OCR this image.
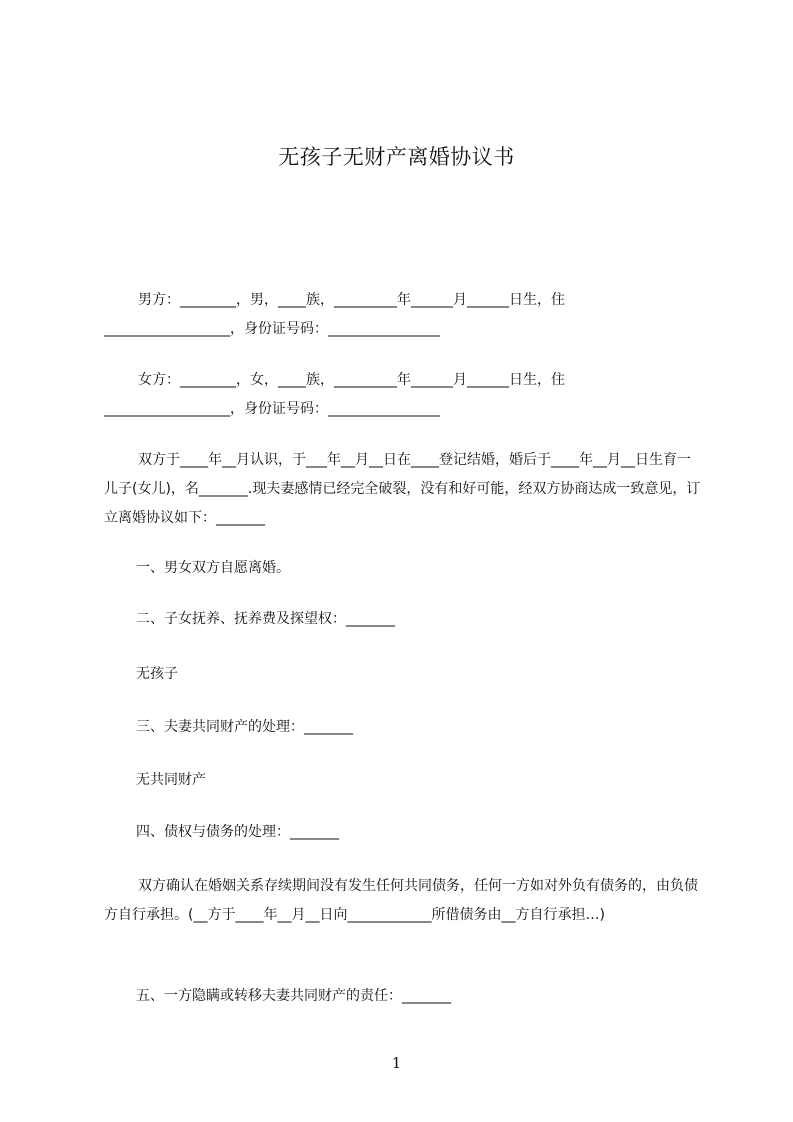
无孩子无财产离婚协议书
男方：________，男，____族，_________年______月______日生，住__________________，身份证号码：________________
女方：________，女，____族，_________年______月______日生，住__________________，身份证号码：________________
双方于____年__月认识，于___年__月__日在____登记结婚，婚后于____年__月__日生育一儿子(女儿)，名_______.现夫妻感情已经完全破裂，没有和好可能，经双方协商达成一致意见，订立离婚协议如下：_______
一、男女双方自愿离婚。
二、子女抚养、抚养费及探望权：_______
无孩子
三、夫妻共同财产的处理：_______
无共同财产
四、债权与债务的处理：_______
双方确认在婚姻关系存续期间没有发生任何共同债务，任何一方如对外负有债务的，由负债方自行承担。(__方于____年__月__日向____________所借债务由__方自行承担…)
五、一方隐瞒或转移夫妻共同财产的责任：_______
1
